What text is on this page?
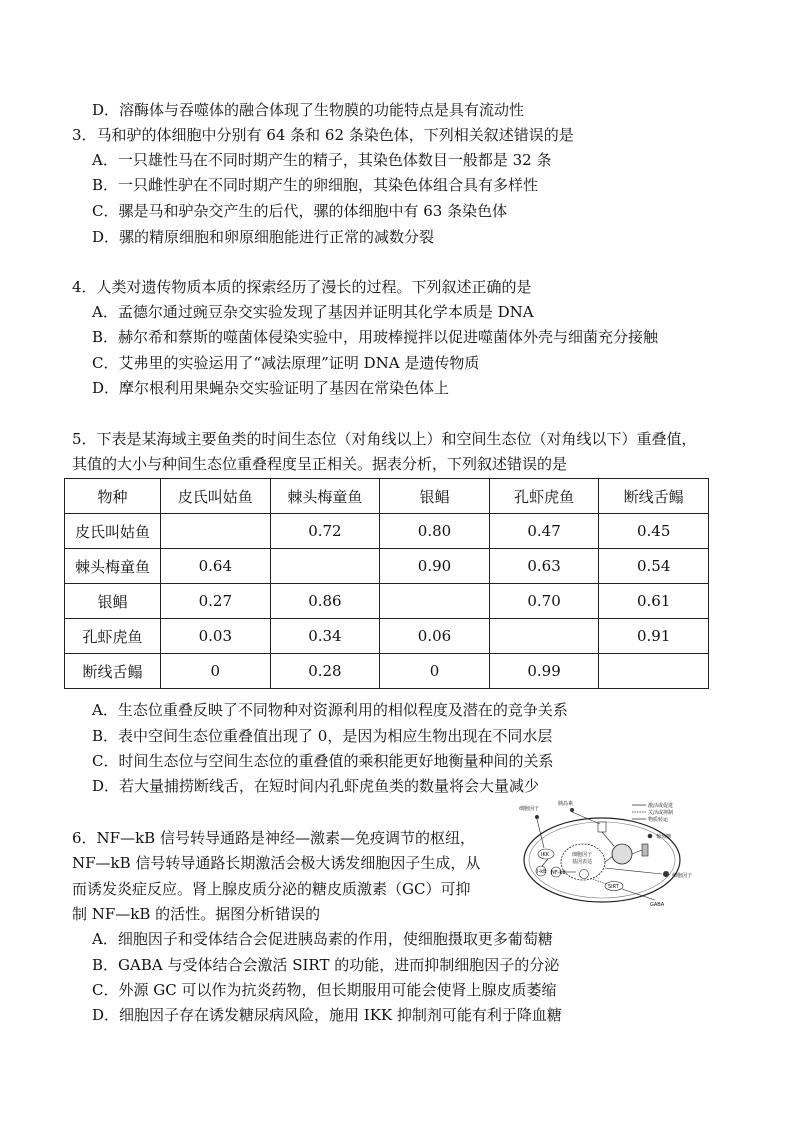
D．溶酶体与吞噬体的融合体现了生物膜的功能特点是具有流动性
3．马和驴的体细胞中分别有 64 条和 62 条染色体，下列相关叙述错误的是
A．一只雄性马在不同时期产生的精子，其染色体数目一般都是 32 条
B．一只雌性驴在不同时期产生的卵细胞，其染色体组合具有多样性
C．骡是马和驴杂交产生的后代，骡的体细胞中有 63 条染色体
D．骡的精原细胞和卵原细胞能进行正常的减数分裂
4．人类对遗传物质本质的探索经历了漫长的过程。下列叙述正确的是
A．孟德尔通过豌豆杂交实验发现了基因并证明其化学本质是 DNA
B．赫尔希和蔡斯的噬菌体侵染实验中，用玻棒搅拌以促进噬菌体外壳与细菌充分接触
C．艾弗里的实验运用了“减法原理”证明 DNA 是遗传物质
D．摩尔根利用果蝇杂交实验证明了基因在常染色体上
5．下表是某海域主要鱼类的时间生态位（对角线以上）和空间生态位（对角线以下）重叠值，
其值的大小与种间生态位重叠程度呈正相关。据表分析，下列叙述错误的是
物种	皮氏叫姑鱼	棘头梅童鱼	银鲳	孔虾虎鱼	断线舌鳎
皮氏叫姑鱼		0.72	0.80	0.47	0.45
棘头梅童鱼	0.64		0.90	0.63	0.54
银鲳	0.27	0.86		0.70	0.61
孔虾虎鱼	0.03	0.34	0.06		0.91
断线舌鳎	0	0.28	0	0.99	
A．生态位重叠反映了不同物种对资源利用的相似程度及潜在的竞争关系
B．表中空间生态位重叠值出现了 0，是因为相应生物出现在不同水层
C．时间生态位与空间生态位的重叠值的乘积能更好地衡量种间的关系
D．若大量捕捞断线舌，在短时间内孔虾虎鱼类的数量将会大量减少
6．NF—kB 信号转导通路是神经—激素—免疫调节的枢纽，
NF—kB 信号转导通路长期激活会极大诱发细胞因子生成，从
而诱发炎症反应。肾上腺皮质分泌的糖皮质激素（GC）可抑
制 NF—kB 的活性。据图分析错误的
A．细胞因子和受体结合会促进胰岛素的作用，使细胞摄取更多葡萄糖
B．GABA 与受体结合会激活 SIRT 的功能，进而抑制细胞因子的分泌
C．外源 GC 可以作为抗炎药物，但长期服用可能会使肾上腺皮质萎缩
D．细胞因子存在诱发糖尿病风险，施用 IKK 抑制剂可能有利于降血糖
细胞因子
基因表达
细胞因子
胰岛素	激活或促进
关活或抑制
物质转运
葡萄糖
IKK
I-kB NF-kB
SIRT
细胞因子
GABA
